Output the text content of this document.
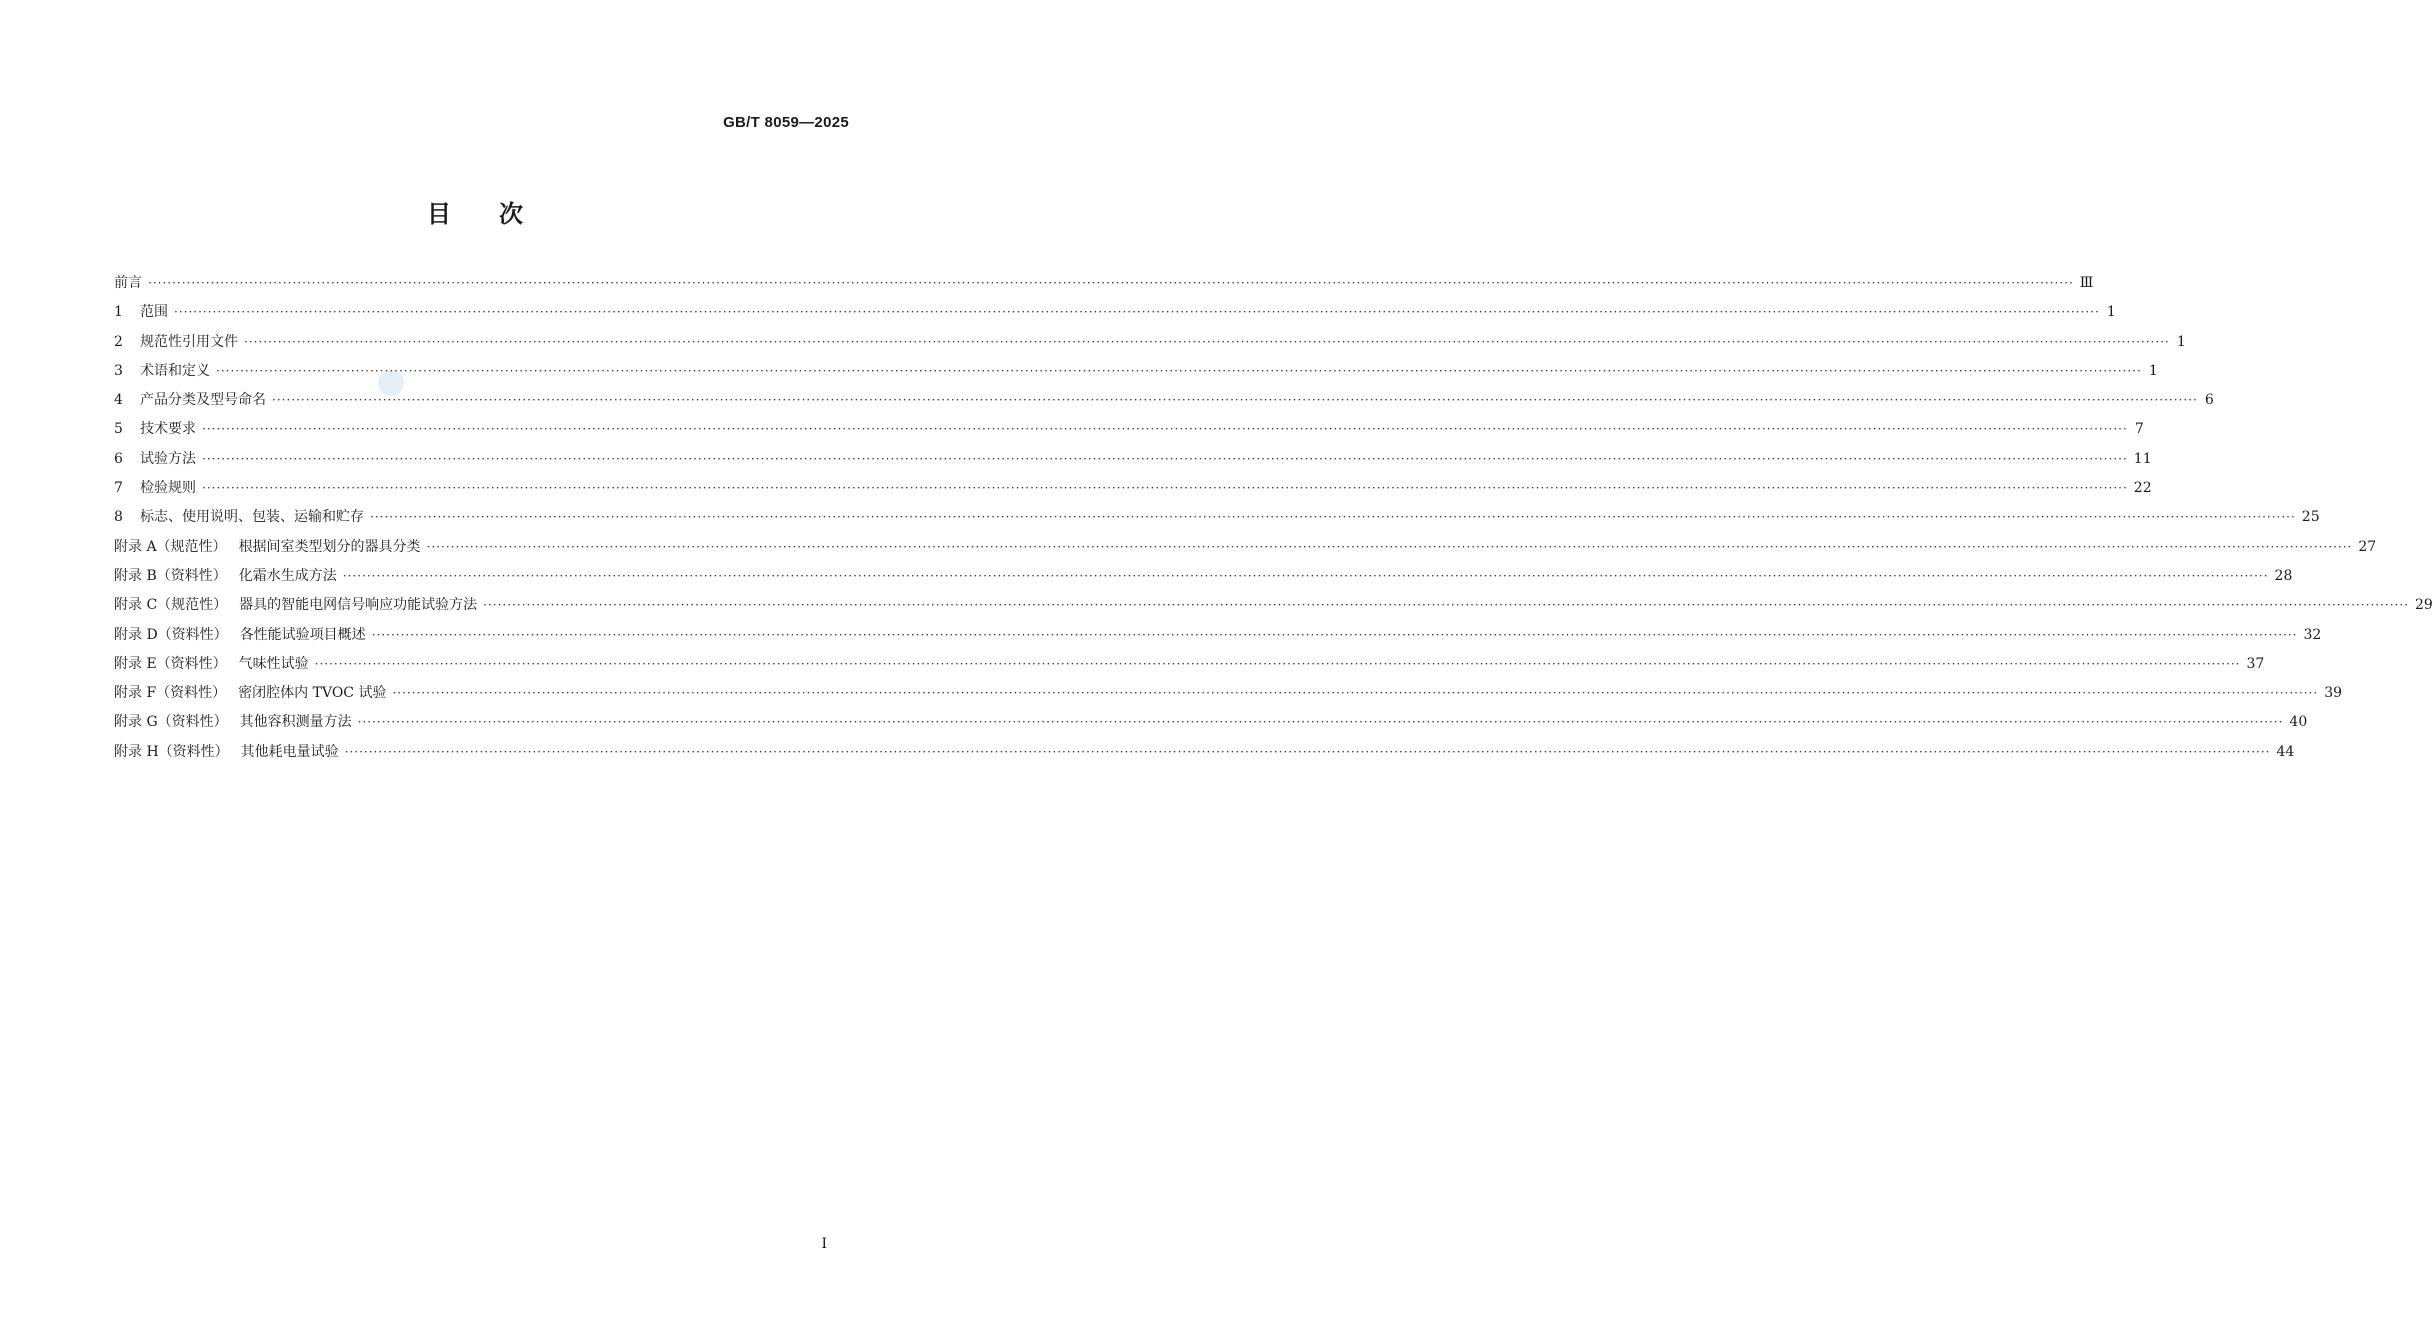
GB/T 8059—2025
目 次
前言 ················································································································································································································································································································································································································ Ⅲ
1	范围 ················································································································································································································································································································································································································ 1
2	规范性引用文件 ················································································································································································································································································································································································································ 1
3	术语和定义 ················································································································································································································································································································································································································ 1
4	产品分类及型号命名 ················································································································································································································································································································································································································ 6
5	技术要求 ················································································································································································································································································································································································································ 7
6	试验方法 ················································································································································································································································································································································································································ 11
7	检验规则 ················································································································································································································································································································································································································ 22
8	标志、使用说明、包装、运输和贮存 ················································································································································································································································································································································································································ 25
附录 A（规范性） 根据间室类型划分的器具分类 ················································································································································································································································································································································································································ 27
附录 B（资料性） 化霜水生成方法 ················································································································································································································································································································································································································ 28
附录 C（规范性） 器具的智能电网信号响应功能试验方法 ················································································································································································································································································································································································································ 29
附录 D（资料性） 各性能试验项目概述 ················································································································································································································································································································································································································ 32
附录 E（资料性） 气味性试验 ················································································································································································································································································································································································································ 37
附录 F（资料性） 密闭腔体内 TVOC 试验 ················································································································································································································································································································································································································ 39
附录 G（资料性） 其他容积测量方法 ················································································································································································································································································································································································································ 40
附录 H（资料性） 其他耗电量试验 ················································································································································································································································································································································································································ 44
I
